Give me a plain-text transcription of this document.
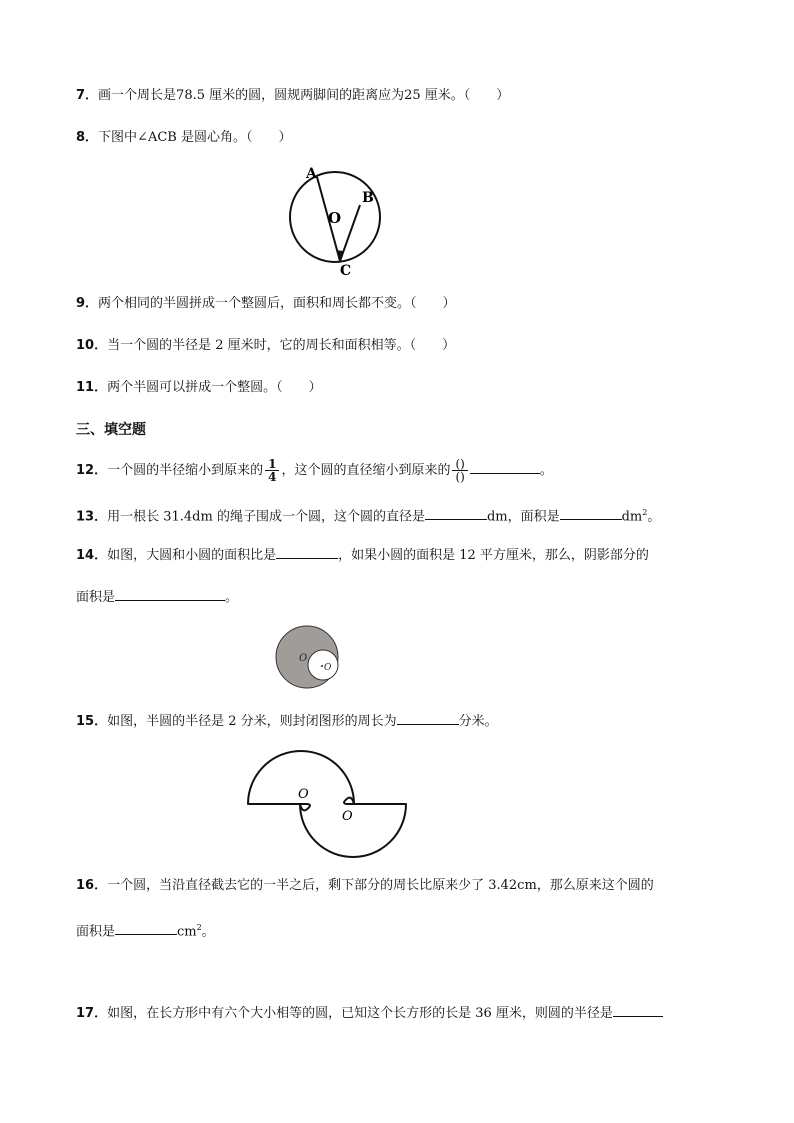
7．画一个周长是78.5 厘米的圆，圆规两脚间的距离应为25 厘米。（　　）
8．下图中∠ACB 是圆心角。（　　）
A
B
O
C
9．两个相同的半圆拼成一个整圆后，面积和周长都不变。（　　）
10．当一个圆的半径是 2 厘米时，它的周长和面积相等。（　　）
11．两个半圆可以拼成一个整圆。（　　）
三、填空题
12．一个圆的半径缩小到原来的 $\frac{1}{4}$ ，这个圆的直径缩小到原来的 $\frac{()}{()}$	。
13．用一根长 31.4dm 的绳子围成一个圆，这个圆的直径是	dm，面积是	$dm^2$。
14．如图，大圆和小圆的面积比是	，如果小圆的面积是 12 平方厘米，那么，阴影部分的
面积是	。
O
O
15．如图，半圆的半径是 2 分米，则封闭图形的周长为	分米。
O
O
16．一个圆，当沿直径截去它的一半之后，剩下部分的周长比原来少了 3.42cm，那么原来这个圆的
面积是	$cm^2$。
17．如图，在长方形中有六个大小相等的圆，已知这个长方形的长是 36 厘米，则圆的半径是
